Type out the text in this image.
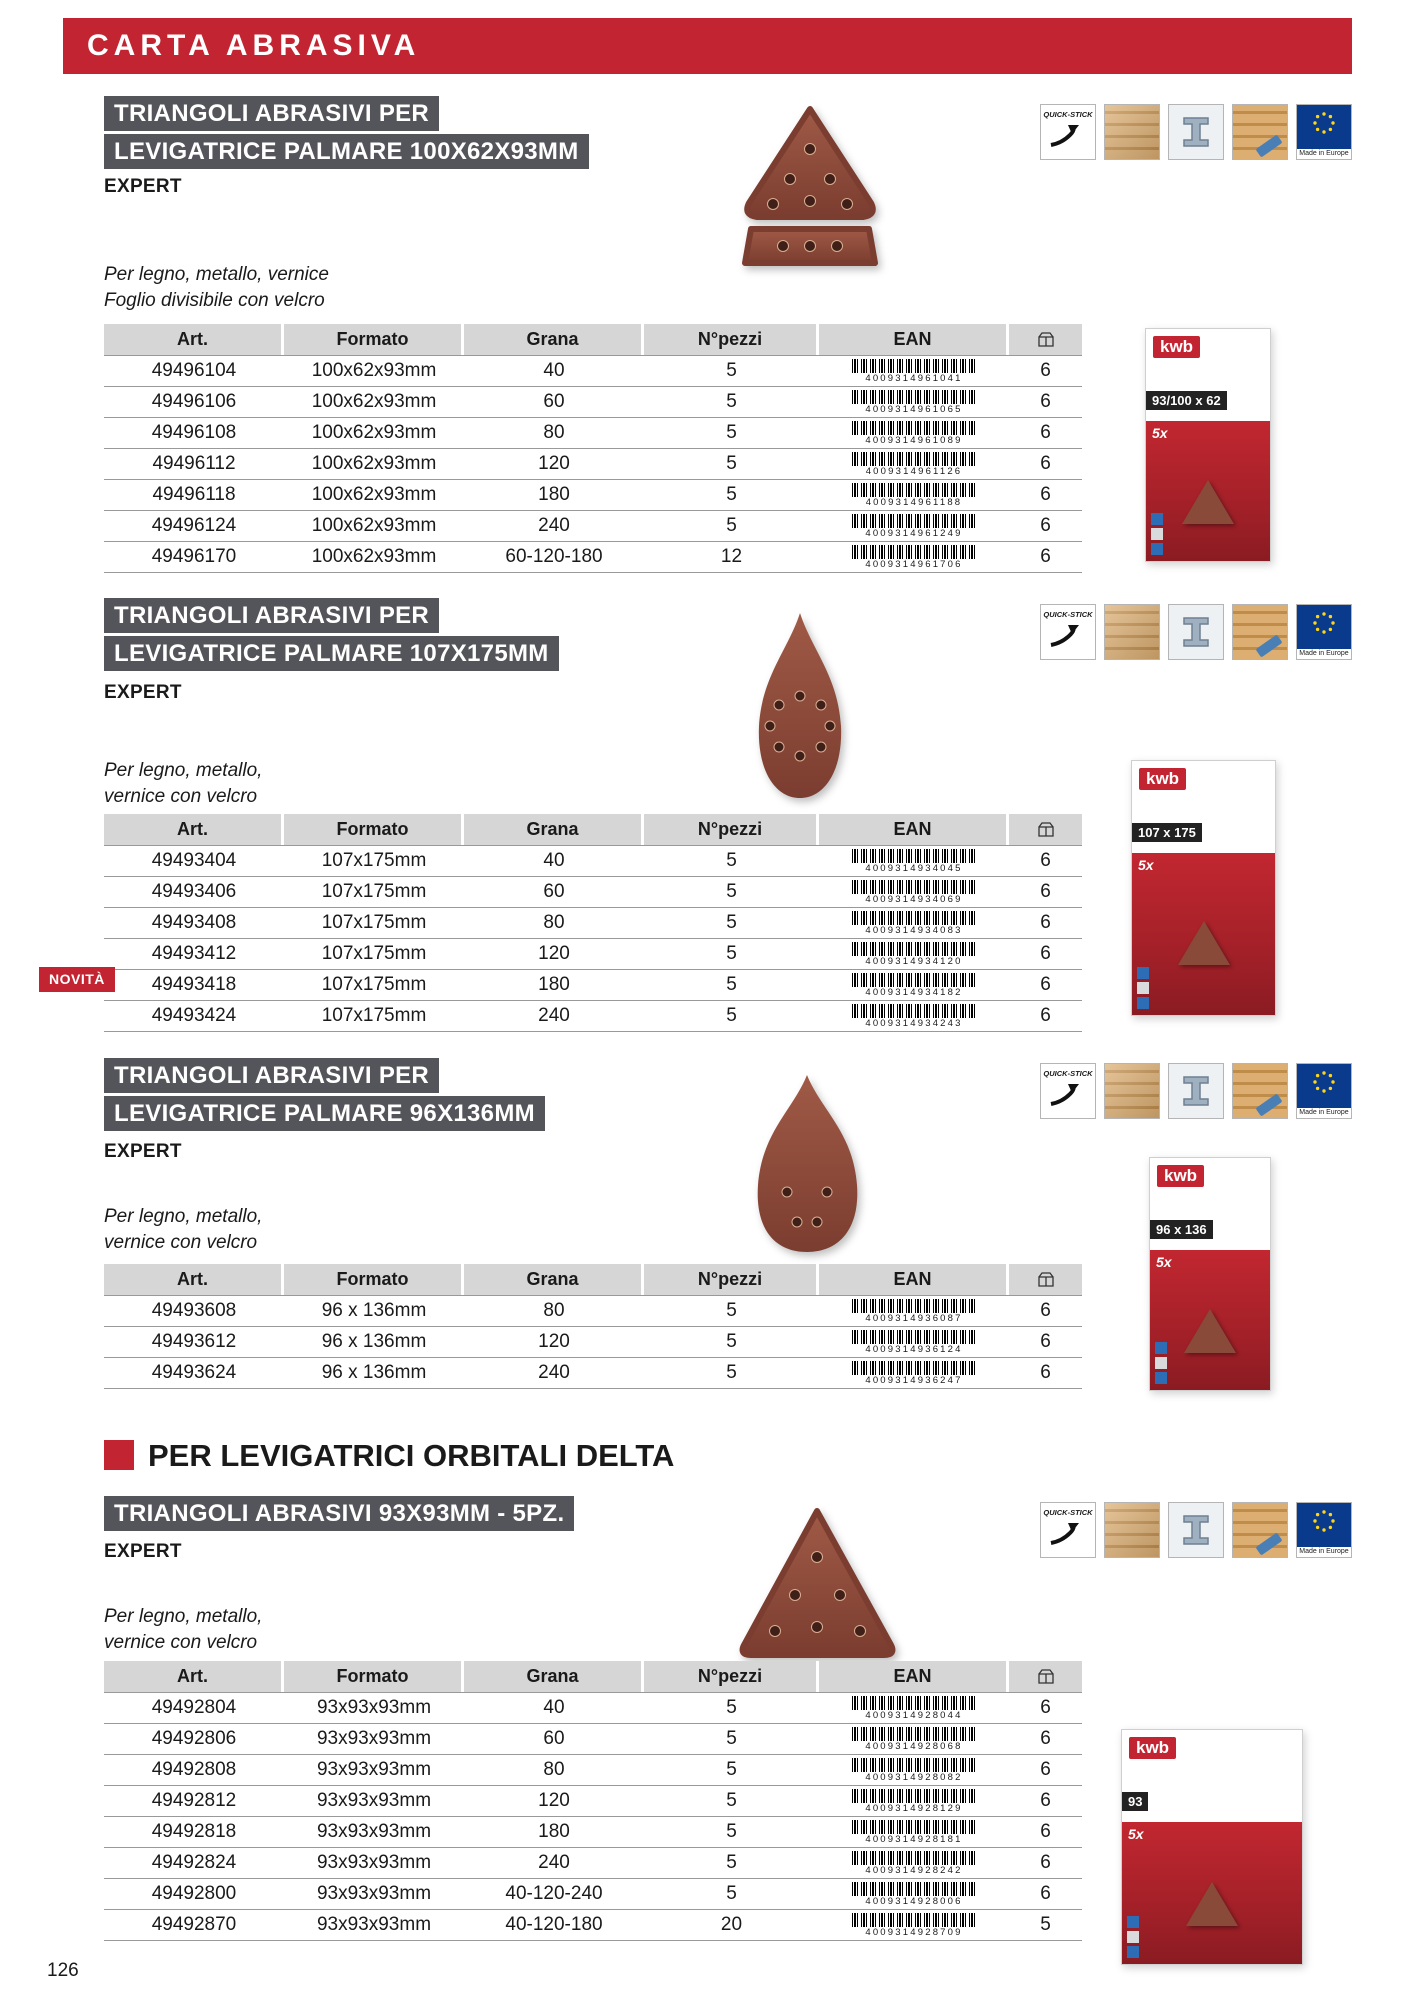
CARTA ABRASIVA
TRIANGOLI ABRASIVI PER
LEVIGATRICE PALMARE 100X62X93MM
EXPERT
Per legno, metallo, vernice
Foglio divisibile con velcro
QUICK-STICK
Made in Europe
Art.	Formato	Grana	N°pezzi	EAN
49496104	100x62x93mm	40	5	4009314961041	6
49496106	100x62x93mm	60	5	4009314961065	6
49496108	100x62x93mm	80	5	4009314961089	6
49496112	100x62x93mm	120	5	4009314961126	6
49496118	100x62x93mm	180	5	4009314961188	6
49496124	100x62x93mm	240	5	4009314961249	6
49496170	100x62x93mm	60-120-180	12	4009314961706	6
kwb
93/100 x 62
5x
TRIANGOLI ABRASIVI PER
LEVIGATRICE PALMARE 107X175MM
EXPERT
Per legno, metallo,
vernice con velcro
QUICK-STICK
Made in Europe
Art.	Formato	Grana	N°pezzi	EAN
49493404	107x175mm	40	5	4009314934045	6
49493406	107x175mm	60	5	4009314934069	6
49493408	107x175mm	80	5	4009314934083	6
49493412	107x175mm	120	5	4009314934120	6
49493418	107x175mm	180	5	4009314934182	6
49493424	107x175mm	240	5	4009314934243	6
NOVITÀ
kwb
107 x 175
5x
TRIANGOLI ABRASIVI PER
LEVIGATRICE PALMARE 96X136MM
EXPERT
Per legno, metallo,
vernice con velcro
QUICK-STICK
Made in Europe
Art.	Formato	Grana	N°pezzi	EAN
49493608	96 x 136mm	80	5	4009314936087	6
49493612	96 x 136mm	120	5	4009314936124	6
49493624	96 x 136mm	240	5	4009314936247	6
kwb
96 x 136
5x
PER LEVIGATRICI ORBITALI DELTA
TRIANGOLI ABRASIVI 93X93MM - 5PZ.
EXPERT
Per legno, metallo,
vernice con velcro
QUICK-STICK
Made in Europe
Art.	Formato	Grana	N°pezzi	EAN
49492804	93x93x93mm	40	5	4009314928044	6
49492806	93x93x93mm	60	5	4009314928068	6
49492808	93x93x93mm	80	5	4009314928082	6
49492812	93x93x93mm	120	5	4009314928129	6
49492818	93x93x93mm	180	5	4009314928181	6
49492824	93x93x93mm	240	5	4009314928242	6
49492800	93x93x93mm	40-120-240	5	4009314928006	6
49492870	93x93x93mm	40-120-180	20	4009314928709	5
kwb
93
5x
126
